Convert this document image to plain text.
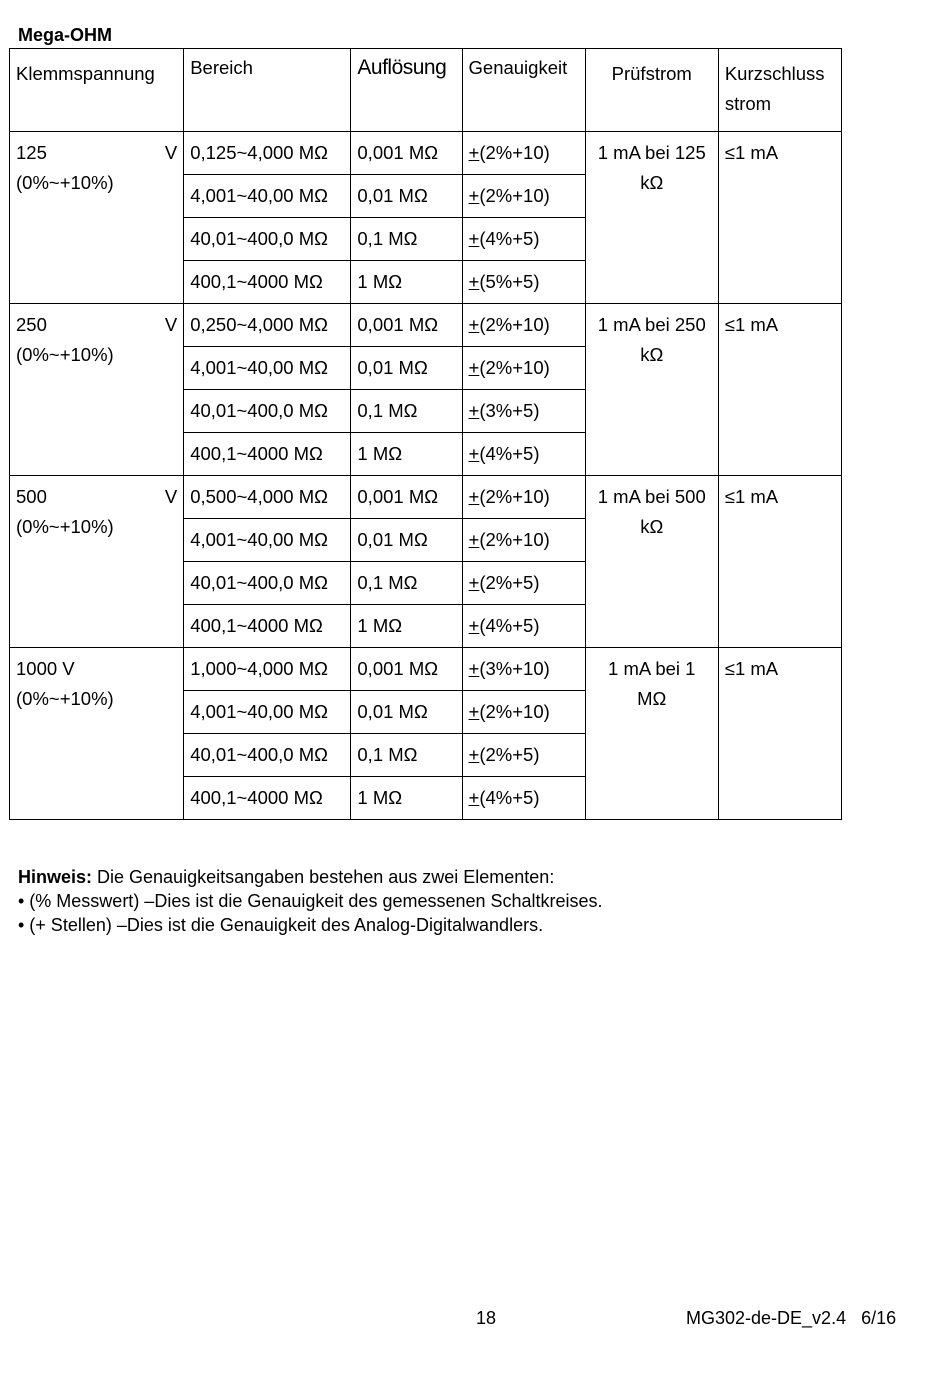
Mega-OHM
Klemmspannung	Bereich	Auflösung	Genauigkeit	Prüfstrom	Kurzschluss
strom

125 V
(0%~+10%)	0,125~4,000 MΩ	0,001 MΩ	+(2%+10)	1 mA bei 125 kΩ	≤1 mA
	4,001~40,00 MΩ	0,01 MΩ	+(2%+10)		
	40,01~400,0 MΩ	0,1 MΩ	+(4%+5)		
	400,1~4000 MΩ	1 MΩ	+(5%+5)		

250 V
(0%~+10%)	0,250~4,000 MΩ	0,001 MΩ	+(2%+10)	1 mA bei 250 kΩ	≤1 mA
	4,001~40,00 MΩ	0,01 MΩ	+(2%+10)		
	40,01~400,0 MΩ	0,1 MΩ	+(3%+5)		
	400,1~4000 MΩ	1 MΩ	+(4%+5)		

500 V
(0%~+10%)	0,500~4,000 MΩ	0,001 MΩ	+(2%+10)	1 mA bei 500 kΩ	≤1 mA
	4,001~40,00 MΩ	0,01 MΩ	+(2%+10)		
	40,01~400,0 MΩ	0,1 MΩ	+(2%+5)		
	400,1~4000 MΩ	1 MΩ	+(4%+5)		

1000 V
(0%~+10%)	1,000~4,000 MΩ	0,001 MΩ	+(3%+10)	1 mA bei 1 MΩ	≤1 mA
	4,001~40,00 MΩ	0,01 MΩ	+(2%+10)		
	40,01~400,0 MΩ	0,1 MΩ	+(2%+5)		
	400,1~4000 MΩ	1 MΩ	+(4%+5)		
Hinweis: Die Genauigkeitsangaben bestehen aus zwei Elementen:
• (% Messwert) –Dies ist die Genauigkeit des gemessenen Schaltkreises.
• (+ Stellen) –Dies ist die Genauigkeit des Analog-Digitalwandlers.
18	MG302-de-DE_v2.4   6/16
